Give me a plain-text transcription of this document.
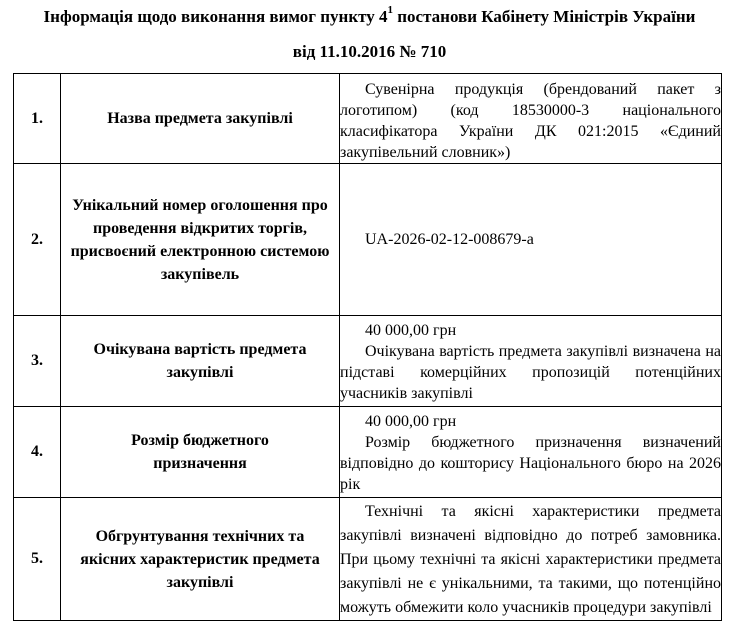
Інформація щодо виконання вимог пункту $4^1$ постанови Кабінету Міністрів України
від 11.10.2016 № 710
1.	Назва предмета закупівлі	Сувенірна продукція (брендований пакет з логотипом) (код 18530000-3 національного класифікатора України ДК 021:2015 «Єдиний закупівельний словник»)

2.	Унікальний номер оголошення про проведення відкритих торгів, присвоєний електронною системою закупівель	UA-2026-02-12-008679-a

3.	Очікувана вартість предмета закупівлі	40 000,00 грн
Очікувана вартість предмета закупівлі визначена на підставі комерційних пропозицій потенційних учасників закупівлі

4.	Розмір бюджетного призначення	40 000,00 грн
Розмір бюджетного призначення визначений відповідно до кошторису Національного бюро на 2026 рік

5.	Обгрунтування технічних та якісних характеристик предмета закупівлі	Технічні та якісні характеристики предмета закупівлі визначені відповідно до потреб замовника. При цьому технічні та якісні характеристики предмета закупівлі не є унікальними, та такими, що потенційно можуть обмежити коло учасників процедури закупівлі
